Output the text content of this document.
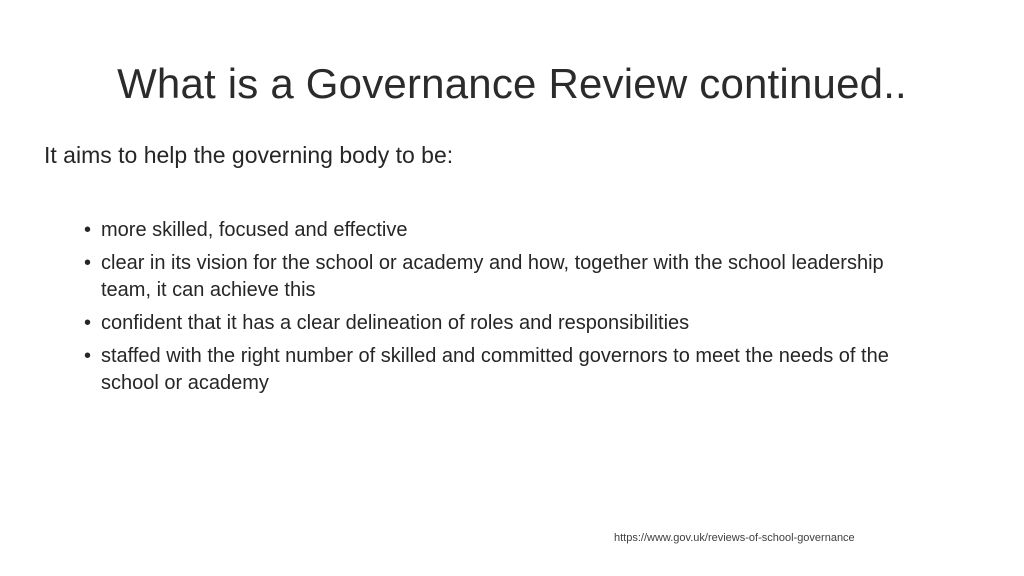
What is a Governance Review continued..
It aims to help the governing body to be:
• more skilled, focused and effective
• clear in its vision for the school or academy and how, together with the school leadership team, it can achieve this
• confident that it has a clear delineation of roles and responsibilities
• staffed with the right number of skilled and committed governors to meet the needs of the school or academy
https://www.gov.uk/reviews-of-school-governance
